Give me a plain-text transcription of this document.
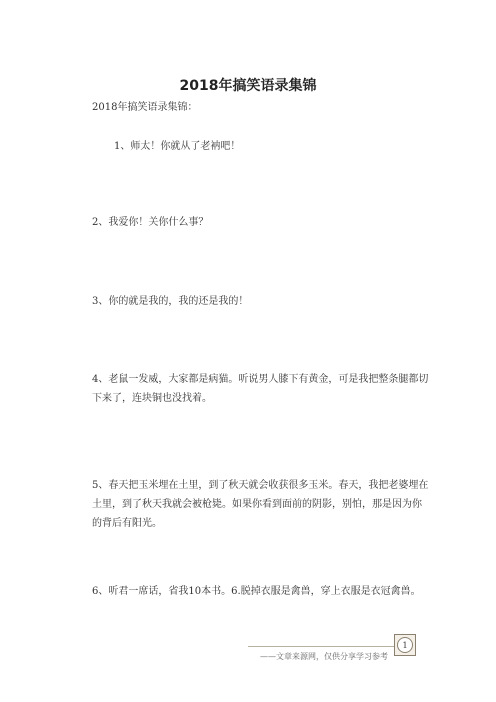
2018年搞笑语录集锦
2018年搞笑语录集锦：
1、师太！你就从了老衲吧！
2、我爱你！关你什么事？
3、你的就是我的，我的还是我的！
4、老鼠一发威，大家都是病猫。听说男人膝下有黄金，可是我把整条腿都切下来了，连块铜也没找着。
5、春天把玉米埋在土里，到了秋天就会收获很多玉米。春天，我把老婆埋在土里，到了秋天我就会被枪毙。如果你看到面前的阴影，别怕，那是因为你的背后有阳光。
6、听君一席话，省我10本书。6.脱掉衣服是禽兽，穿上衣服是衣冠禽兽。
——文章来源网，仅供分享学习参考
1
